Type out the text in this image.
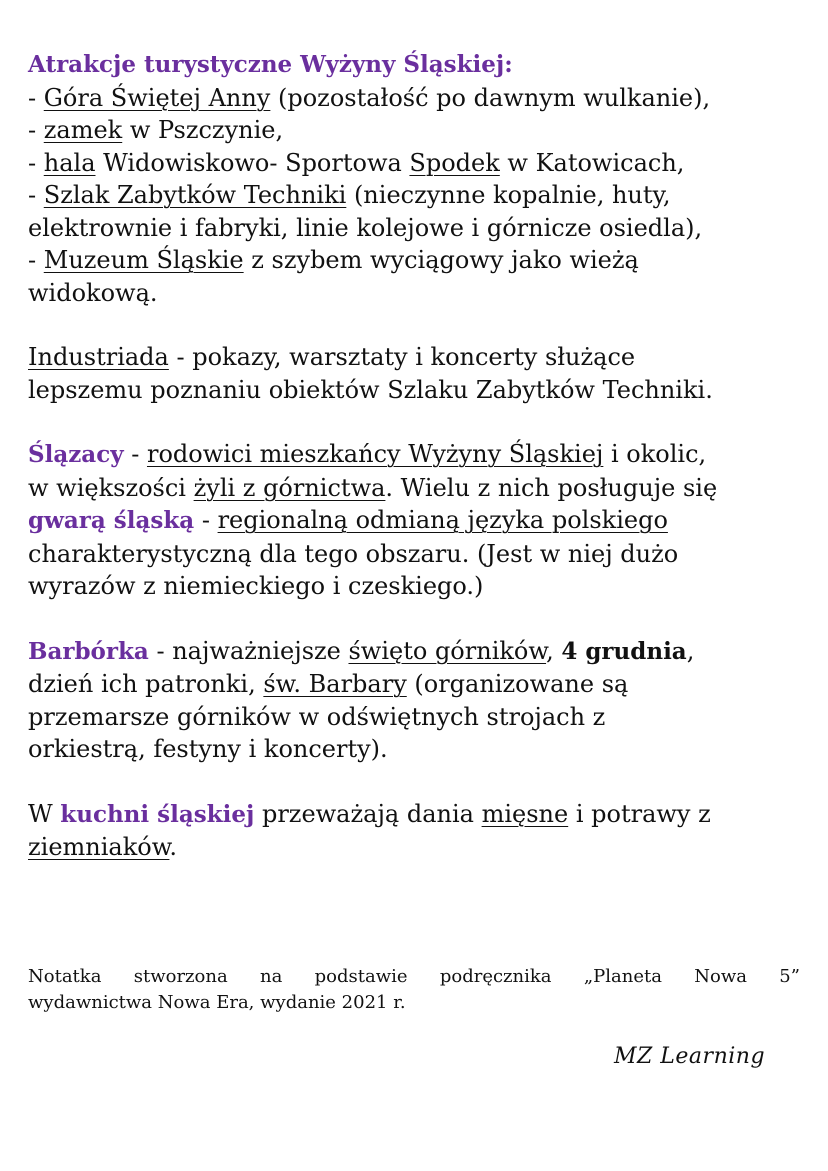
Atrakcje turystyczne Wyżyny Śląskiej:
- Góra Świętej Anny (pozostałość po dawnym wulkanie),
- zamek w Pszczynie,
- hala Widowiskowo- Sportowa Spodek w Katowicach,
- Szlak Zabytków Techniki (nieczynne kopalnie, huty,
elektrownie i fabryki, linie kolejowe i górnicze osiedla),
- Muzeum Śląskie z szybem wyciągowy jako wieżą
widokową.
Industriada - pokazy, warsztaty i koncerty służące
lepszemu poznaniu obiektów Szlaku Zabytków Techniki.
Ślązacy - rodowici mieszkańcy Wyżyny Śląskiej i okolic,
w większości żyli z górnictwa. Wielu z nich posługuje się
gwarą śląską - regionalną odmianą języka polskiego
charakterystyczną dla tego obszaru. (Jest w niej dużo
wyrazów z niemieckiego i czeskiego.)
Barbórka - najważniejsze święto górników, 4 grudnia,
dzień ich patronki, św. Barbary (organizowane są
przemarsze górników w odświętnych strojach z
orkiestrą, festyny i koncerty).
W kuchni śląskiej przeważają dania mięsne i potrawy z
ziemniaków.
Notatka stworzona na podstawie podręcznika „Planeta Nowa 5”
wydawnictwa Nowa Era, wydanie 2021 r.
MZ Learning
